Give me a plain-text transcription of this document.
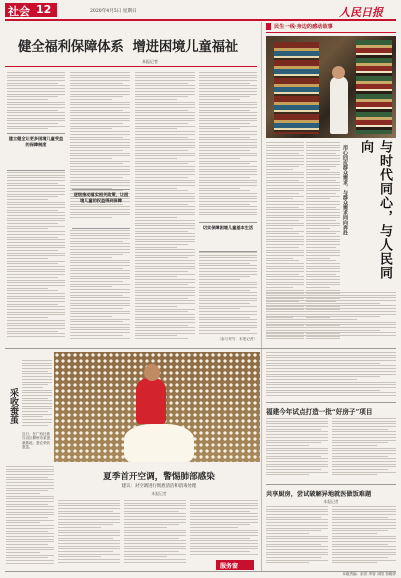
社会 12	2020年4月5日 星期日	人民日报
健全福利保障体系  增进困境儿童福祉
本报记者
建立健全让更多困境儿童受益的保障制度
逐级推动落实相关政策，让困境儿童的权益得到保障
切实保障困境儿童基本生活
（参与采写：本报记者）
民生一线·身边的感动故事
与时代同心，与人民同向
用心回应群众需求、与群众需求同向奔赴
采收蚕茧
近日，在广西壮族自治区柳州市某蚕桑基地，蚕农采收蚕茧。
夏季首开空调，警惕肺部感染
建议：对空调进行彻底清洁和消毒处理
本报记者
服务窗
福建今年试点打造一批“好房子”项目
共享厨房，尝试破解异地就医做饭难题
本报记者
本版责编：彭洪 李智 刘阳 邹雅婷
